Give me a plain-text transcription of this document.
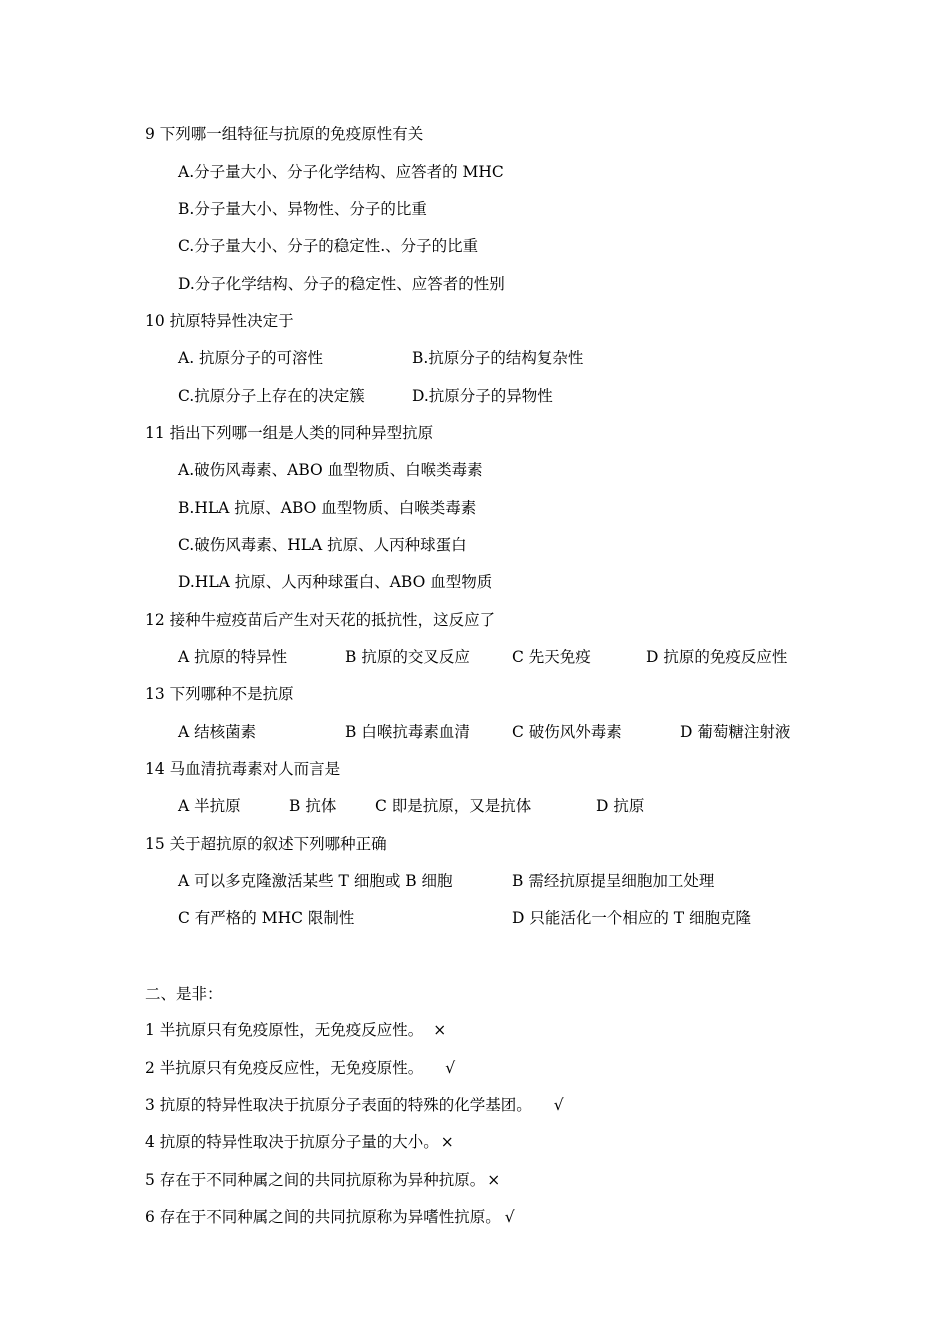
9 下列哪一组特征与抗原的免疫原性有关
A.分子量大小、分子化学结构、应答者的 MHC
B.分子量大小、异物性、分子的比重
C.分子量大小、分子的稳定性.、分子的比重
D.分子化学结构、分子的稳定性、应答者的性别
10 抗原特异性决定于
A. 抗原分子的可溶性	B.抗原分子的结构复杂性
C.抗原分子上存在的决定簇	D.抗原分子的异物性
11 指出下列哪一组是人类的同种异型抗原
A.破伤风毒素、ABO 血型物质、白喉类毒素
B.HLA 抗原、ABO 血型物质、白喉类毒素
C.破伤风毒素、HLA 抗原、人丙种球蛋白
D.HLA 抗原、人丙种球蛋白、ABO 血型物质
12 接种牛痘疫苗后产生对天花的抵抗性，这反应了
A 抗原的特异性	B 抗原的交叉反应	C 先天免疫	D 抗原的免疫反应性
13 下列哪种不是抗原
A 结核菌素	B 白喉抗毒素血清	C 破伤风外毒素	D 葡萄糖注射液
14 马血清抗毒素对人而言是
A 半抗原	B 抗体 C 即是抗原，又是抗体	D 抗原
15 关于超抗原的叙述下列哪种正确
A 可以多克隆激活某些 T 细胞或 B 细胞	B 需经抗原提呈细胞加工处理
C 有严格的 MHC 限制性	D 只能活化一个相应的 T 细胞克隆
二、是非：
1 半抗原只有免疫原性，无免疫反应性。 ×
2 半抗原只有免疫反应性，无免疫原性。 √
3 抗原的特异性取决于抗原分子表面的特殊的化学基团。 √
4 抗原的特异性取决于抗原分子量的大小。 ×
5 存在于不同种属之间的共同抗原称为异种抗原。 ×
6 存在于不同种属之间的共同抗原称为异嗜性抗原。 √
